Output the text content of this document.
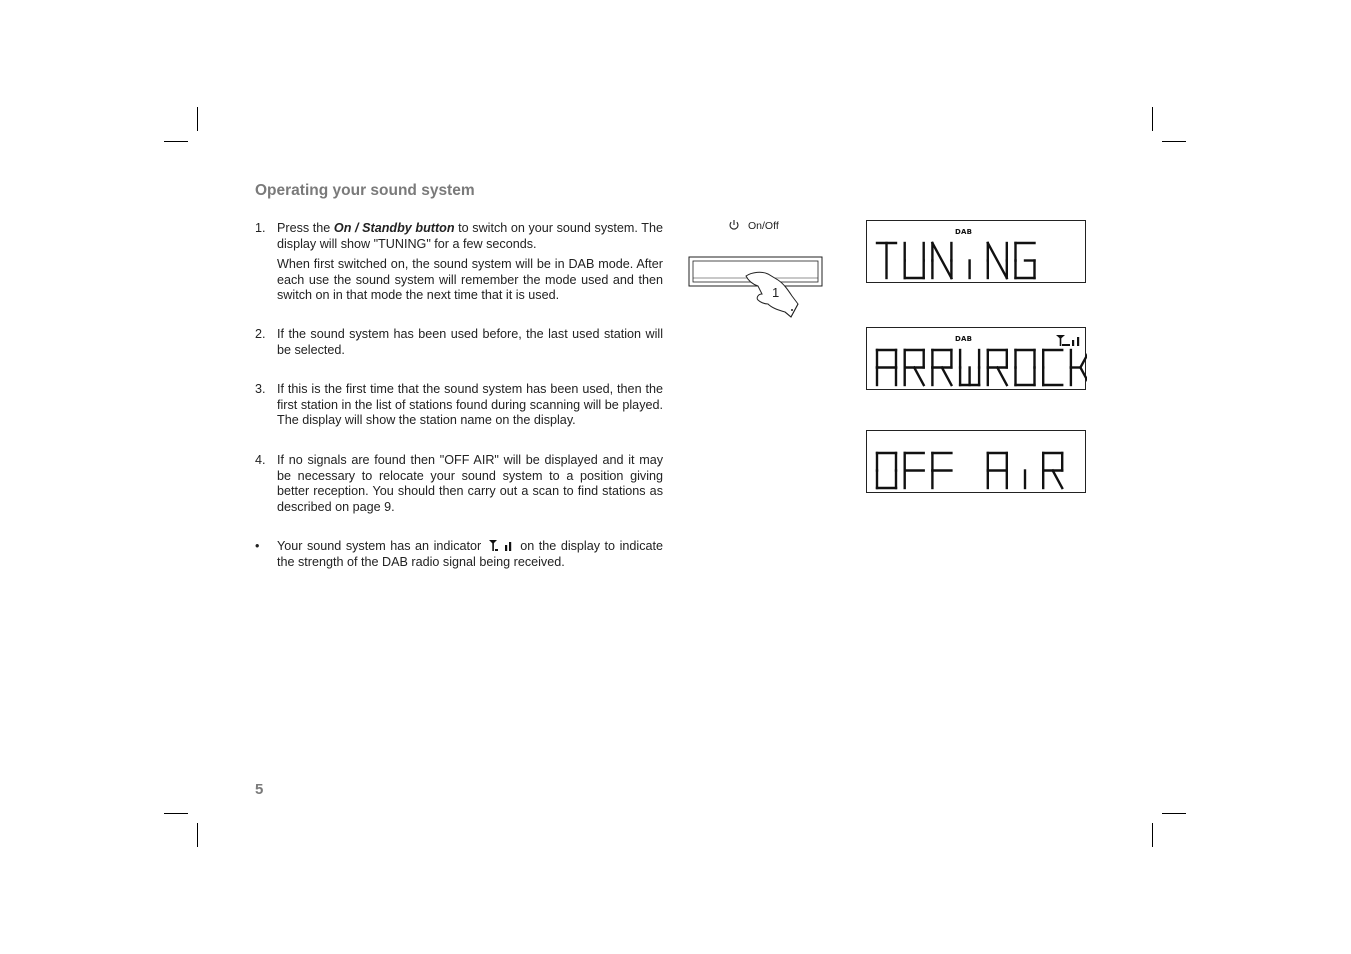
Operating your sound system
1. Press the On / Standby button to switch on your sound system. The display will show "TUNING" for a few seconds.

When first switched on, the sound system will be in DAB mode. After each use the sound system will remember the mode used and then switch on in that mode the next time that it is used.

2. If the sound system has been used before, the last used station will be selected.

3. If this is the first time that the sound system has been used, then the first station in the list of stations found during scanning will be played. The display will show the station name on the display.

4. If no signals are found then "OFF AIR" will be displayed and it may be necessary to relocate your sound system to a position giving better reception. You should then carry out a scan to find stations as described on page 9.

• Your sound system has an indicator  on the display to indicate the strength of the DAB radio signal being received.

On/Off
1
DAB
DAB
5
